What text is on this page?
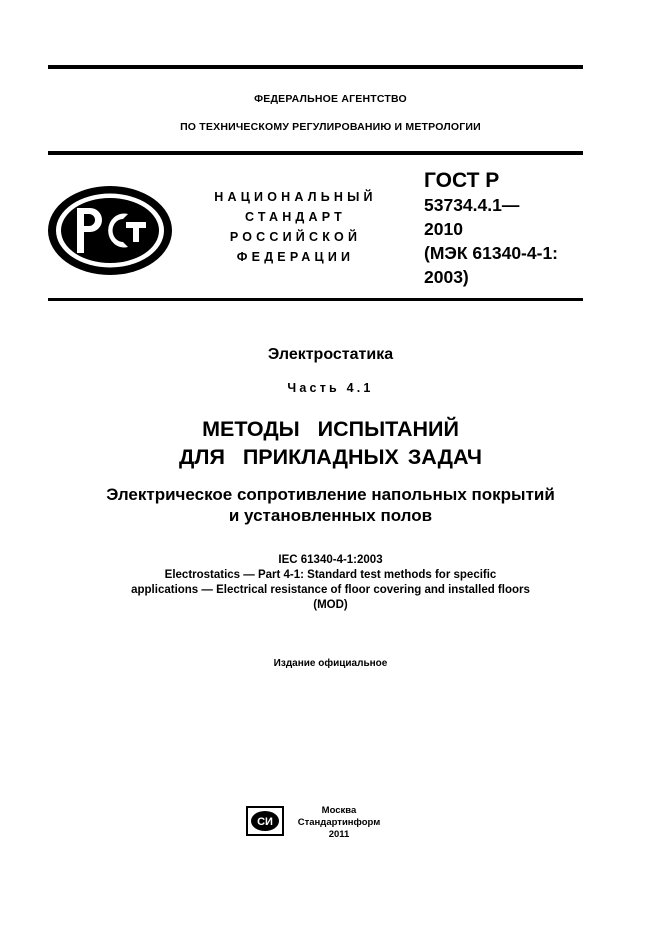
ФЕДЕРАЛЬНОЕ АГЕНТСТВО
ПО ТЕХНИЧЕСКОМУ РЕГУЛИРОВАНИЮ И МЕТРОЛОГИИ
НАЦИОНАЛЬНЫЙ
СТАНДАРТ
РОССИЙСКОЙ
ФЕДЕРАЦИИ
ГОСТ Р
53734.4.1—
2010
(МЭК 61340-4-1:
2003)
Электростатика
Часть 4.1
МЕТОДЫ  ИСПЫТАНИЙ
ДЛЯ  ПРИКЛАДНЫХ ЗАДАЧ
Электрическое сопротивление напольных покрытий
и установленных полов
IEC 61340-4-1:2003
Electrostatics — Part 4-1: Standard test methods for specific
applications — Electrical resistance of floor covering and installed floors
(MOD)
Издание официальное
СИ
Москва
Стандартинформ
2011
